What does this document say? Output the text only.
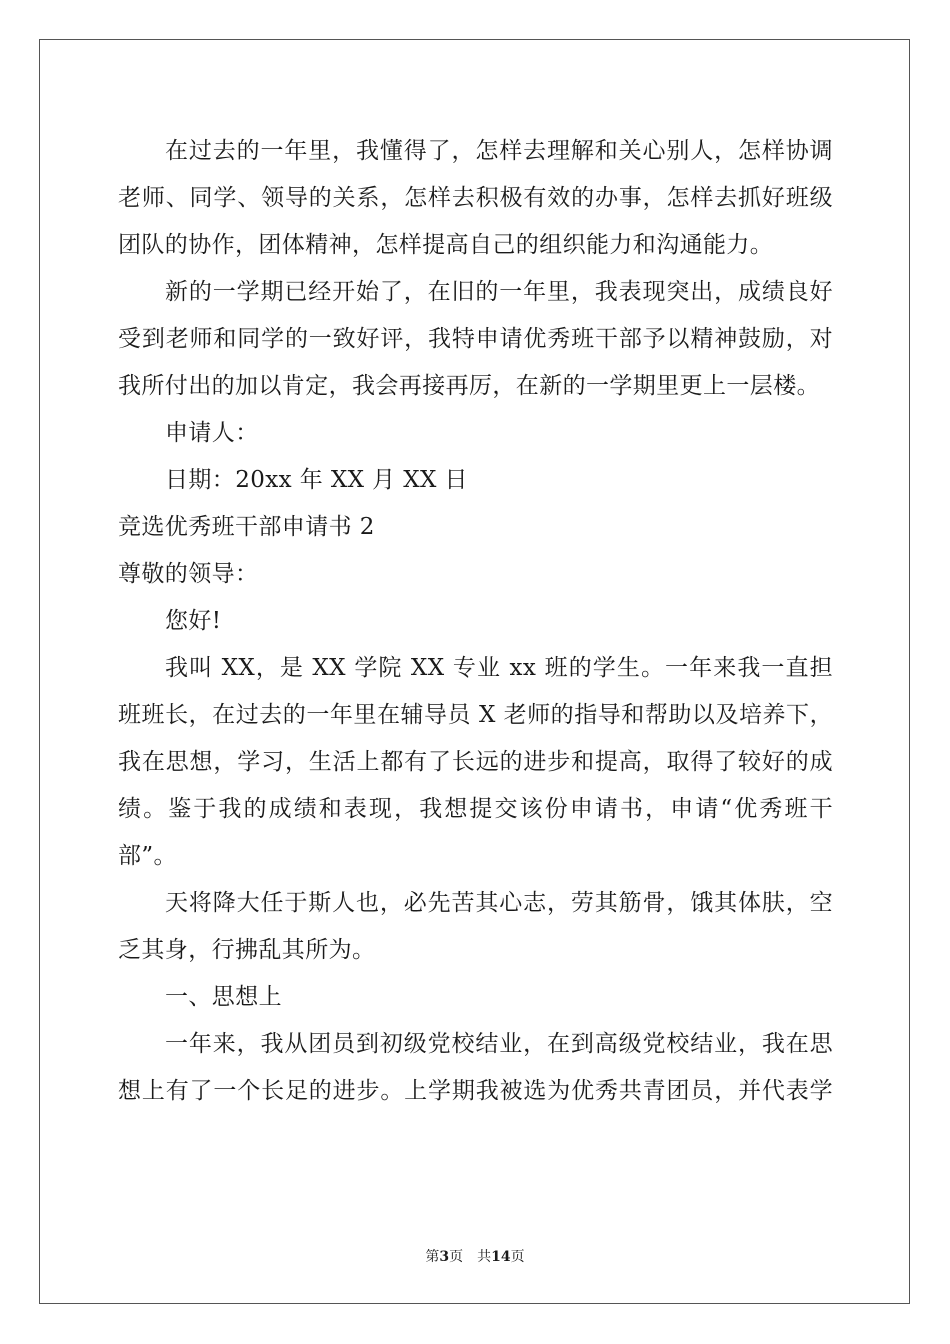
在过去的一年里，我懂得了，怎样去理解和关心别人，怎样协调
老师、同学、领导的关系，怎样去积极有效的办事，怎样去抓好班级
团队的协作，团体精神，怎样提高自己的组织能力和沟通能力。
新的一学期已经开始了，在旧的一年里，我表现突出，成绩良好
受到老师和同学的一致好评，我特申请优秀班干部予以精神鼓励，对
我所付出的加以肯定，我会再接再厉，在新的一学期里更上一层楼。
申请人：
日期：20xx 年 XX 月 XX 日
竞选优秀班干部申请书 2
尊敬的领导：
您好!
我叫 XX，是 XX 学院 XX 专业 xx 班的学生。一年来我一直担
班班长，在过去的一年里在辅导员 X 老师的指导和帮助以及培养下，
我在思想，学习，生活上都有了长远的进步和提高，取得了较好的成
绩。鉴于我的成绩和表现，我想提交该份申请书，申请“优秀班干
部”。
天将降大任于斯人也，必先苦其心志，劳其筋骨，饿其体肤，空
乏其身，行拂乱其所为。
一、思想上
一年来，我从团员到初级党校结业，在到高级党校结业，我在思
想上有了一个长足的进步。上学期我被选为优秀共青团员，并代表学
第3页 共14页
